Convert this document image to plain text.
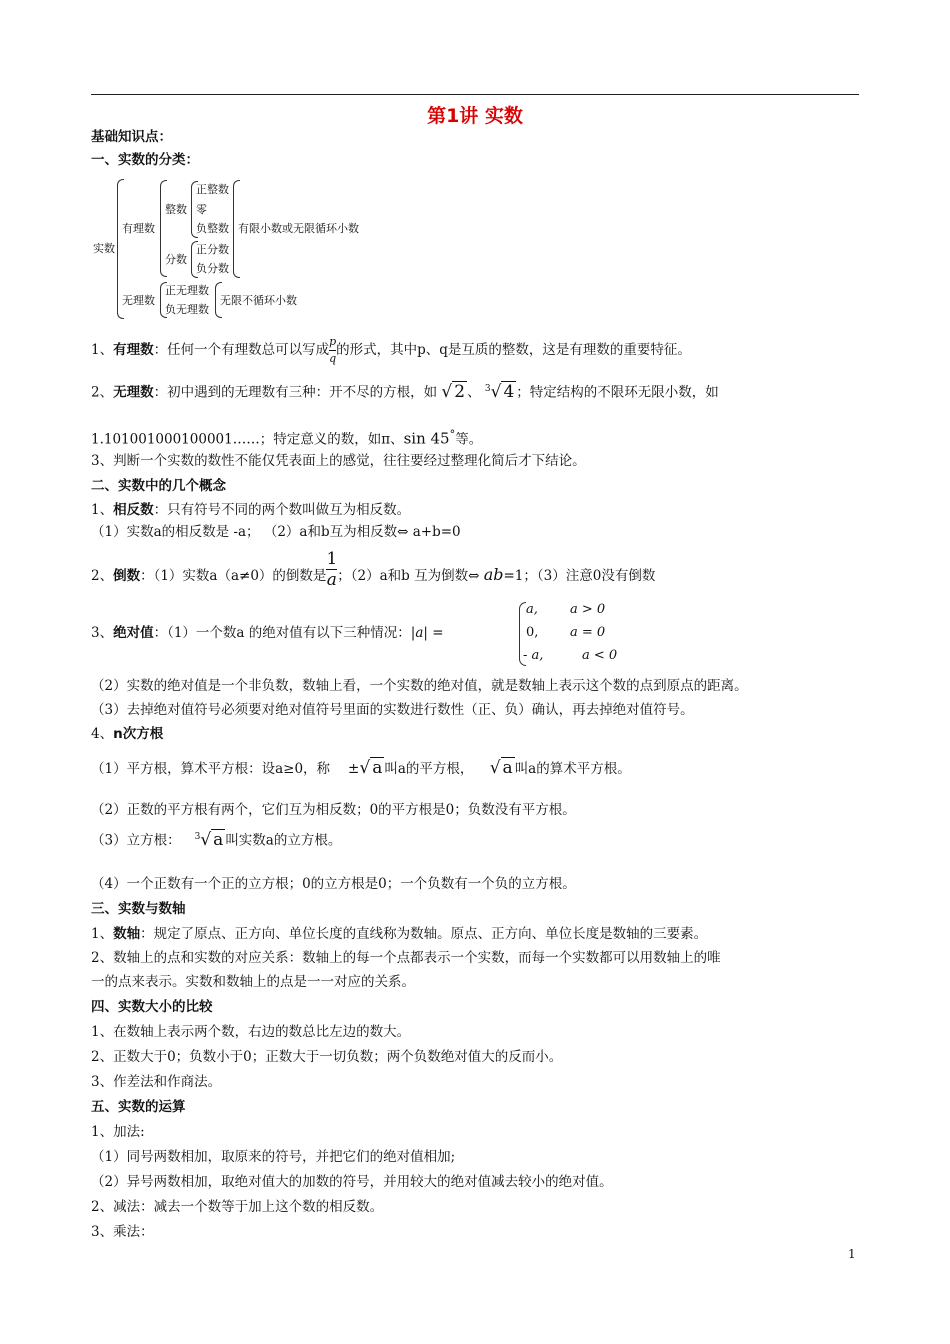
第1讲 实数
基础知识点：
一、实数的分类：
实数
有理数
整数
正整数
零
负整数 有限小数或无限循环小数
分数
正分数
负分数
无理数
正无理数
负无理数
无限不循环小数
1、有理数：任何一个有理数总可以写成 $\frac{p}{q}$ 的形式，其中p、q是互质的整数，这是有理数的重要特征。
2、无理数：初中遇到的无理数有三种：开不尽的方根，如 √ 2 、 $^3$√ 4 ；特定结构的不限环无限小数，如
1.101001000100001……；特定意义的数，如π、sin 45°等。
3、判断一个实数的数性不能仅凭表面上的感觉，往往要经过整理化简后才下结论。
二、实数中的几个概念
1、相反数：只有符号不同的两个数叫做互为相反数。
（1）实数a的相反数是 -a； （2）a和b互为相反数⇔ a+b=0
2、倒数：（1）实数a（a≠0）的倒数是 $\frac{1}{a}$ ；（2）a和b 互为倒数⇔ ab=1；（3）注意0没有倒数
3、绝对值：（1）一个数a 的绝对值有以下三种情况：|a| =
a, a > 0
0, a = 0
- a,	a < 0
（2）实数的绝对值是一个非负数，数轴上看，一个实数的绝对值，就是数轴上表示这个数的点到原点的距离。
（3）去掉绝对值符号必须要对绝对值符号里面的实数进行数性（正、负）确认，再去掉绝对值符号。
4、n次方根
（1）平方根，算术平方根：设a≥0，称 ±√ a 叫a的平方根， √ a 叫a的算术平方根。
（2）正数的平方根有两个，它们互为相反数；0的平方根是0；负数没有平方根。
（3）立方根： $^3$√ a 叫实数a的立方根。
（4）一个正数有一个正的立方根；0的立方根是0；一个负数有一个负的立方根。
三、实数与数轴
1、数轴：规定了原点、正方向、单位长度的直线称为数轴。原点、正方向、单位长度是数轴的三要素。
2、数轴上的点和实数的对应关系：数轴上的每一个点都表示一个实数，而每一个实数都可以用数轴上的唯
一的点来表示。实数和数轴上的点是一一对应的关系。
四、实数大小的比较
1、在数轴上表示两个数，右边的数总比左边的数大。
2、正数大于0；负数小于0；正数大于一切负数；两个负数绝对值大的反而小。
3、作差法和作商法。
五、实数的运算
1、加法:
（1）同号两数相加，取原来的符号，并把它们的绝对值相加;
（2）异号两数相加，取绝对值大的加数的符号，并用较大的绝对值减去较小的绝对值。
2、减法：减去一个数等于加上这个数的相反数。
3、乘法：
1
